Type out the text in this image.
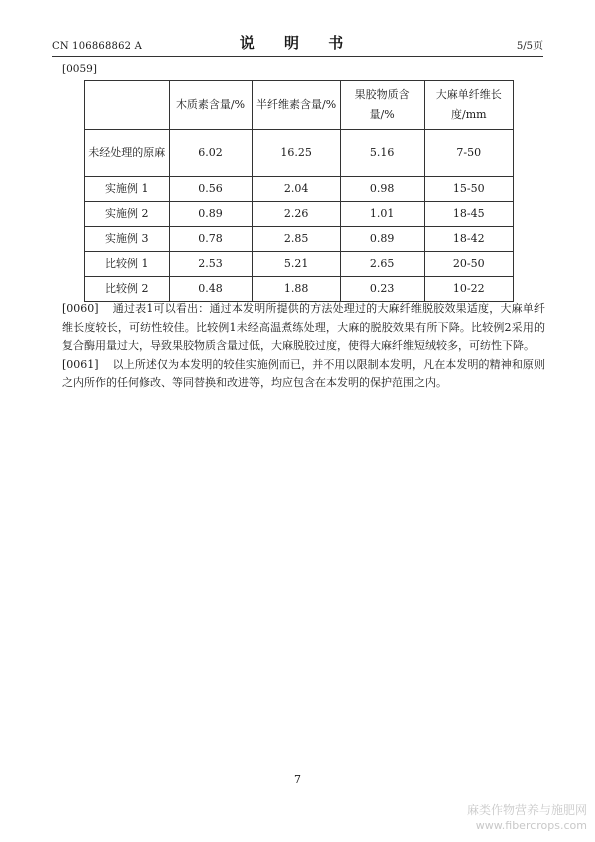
CN 106868862 A	说 明 书	5/5页
[0059]
	木质素含量/%	半纤维素含量/%	果胶物质含量/%	大麻单纤维长度/mm
未经处理的原麻	6.02	16.25	5.16	7-50
实施例 1	0.56	2.04	0.98	15-50
实施例 2	0.89	2.26	1.01	18-45
实施例 3	0.78	2.85	0.89	18-42
比较例 1	2.53	5.21	2.65	20-50
比较例 2	0.48	1.88	0.23	10-22

[0060] 通过表1可以看出：通过本发明所提供的方法处理过的大麻纤维脱胶效果适度，大麻单纤维长度较长，可纺性较佳。比较例1未经高温煮练处理，大麻的脱胶效果有所下降。比较例2采用的复合酶用量过大，导致果胶物质含量过低，大麻脱胶过度，使得大麻纤维短绒较多，可纺性下降。

[0061] 以上所述仅为本发明的较佳实施例而已，并不用以限制本发明，凡在本发明的精神和原则之内所作的任何修改、等同替换和改进等，均应包含在本发明的保护范围之内。

7
麻类作物营养与施肥网
www.fibercrops.com
